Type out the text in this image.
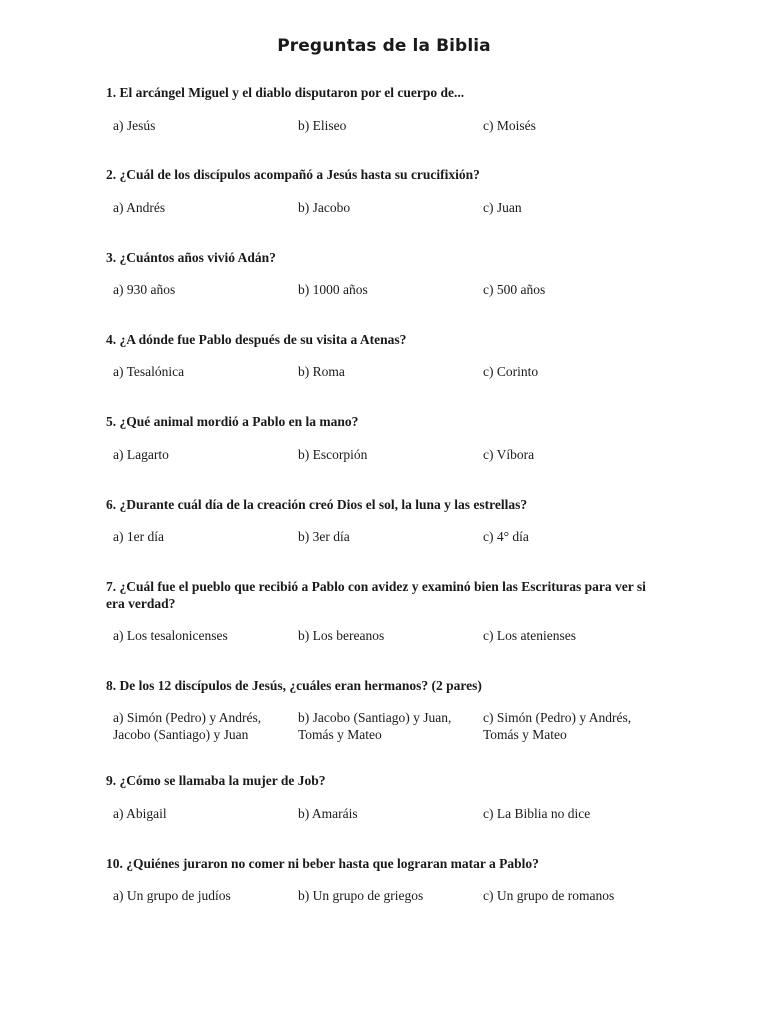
Preguntas de la Biblia
1. El arcángel Miguel y el diablo disputaron por el cuerpo de...
a) Jesús	b) Eliseo	c) Moisés
2. ¿Cuál de los discípulos acompañó a Jesús hasta su crucifixión?
a) Andrés	b) Jacobo	c) Juan
3. ¿Cuántos años vivió Adán?
a) 930 años	b) 1000 años	c) 500 años
4. ¿A dónde fue Pablo después de su visita a Atenas?
a) Tesalónica	b) Roma	c) Corinto
5. ¿Qué animal mordió a Pablo en la mano?
a) Lagarto	b) Escorpión	c) Víbora
6. ¿Durante cuál día de la creación creó Dios el sol, la luna y las estrellas?
a) 1er día	b) 3er día	c) 4° día
7. ¿Cuál fue el pueblo que recibió a Pablo con avidez y examinó bien las Escrituras para ver si era verdad?
a) Los tesalonicenses	b) Los bereanos	c) Los atenienses
8. De los 12 discípulos de Jesús, ¿cuáles eran hermanos? (2 pares)
a) Simón (Pedro) y Andrés, Jacobo (Santiago) y Juan
b) Jacobo (Santiago) y Juan, Tomás y Mateo
c) Simón (Pedro) y Andrés, Tomás y Mateo
9. ¿Cómo se llamaba la mujer de Job?
a) Abigail	b) Amaráis	c) La Biblia no dice
10. ¿Quiénes juraron no comer ni beber hasta que lograran matar a Pablo?
a) Un grupo de judíos	b) Un grupo de griegos	c) Un grupo de romanos
